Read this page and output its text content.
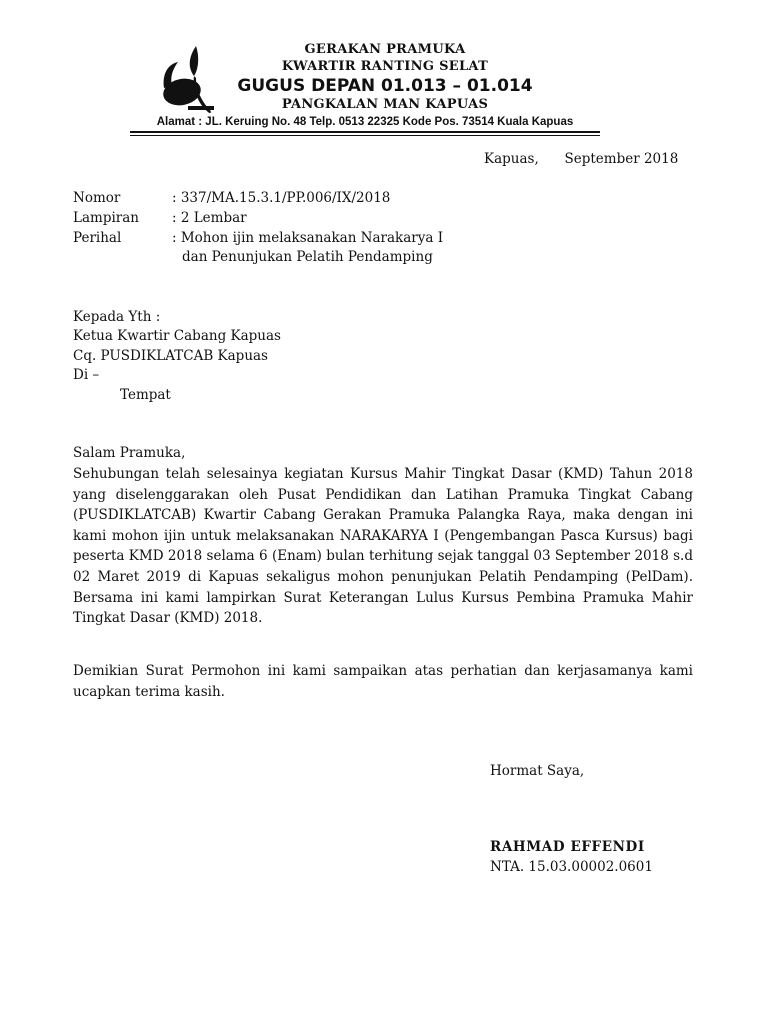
GERAKAN PRAMUKA
KWARTIR RANTING SELAT
GUGUS DEPAN 01.013 – 01.014
PANGKALAN MAN KAPUAS
Alamat : JL. Keruing No. 48 Telp. 0513 22325 Kode Pos. 73514 Kuala Kapuas
Kapuas,      September 2018
Nomor	: 337/MA.15.3.1/PP.006/IX/2018
Lampiran : 2 Lembar
Perihal	: Mohon ijin melaksanakan Narakarya I
dan Penunjukan Pelatih Pendamping
Kepada Yth :
Ketua Kwartir Cabang Kapuas
Cq. PUSDIKLATCAB Kapuas
Di –
Tempat
Salam Pramuka,
Sehubungan telah selesainya kegiatan Kursus Mahir Tingkat Dasar (KMD) Tahun 2018 yang diselenggarakan oleh Pusat Pendidikan dan Latihan Pramuka Tingkat Cabang (PUSDIKLATCAB) Kwartir Cabang Gerakan Pramuka Palangka Raya, maka dengan ini kami mohon ijin untuk melaksanakan NARAKARYA I (Pengembangan Pasca Kursus) bagi peserta KMD 2018 selama 6 (Enam) bulan terhitung sejak tanggal 03 September 2018 s.d 02 Maret 2019 di Kapuas sekaligus mohon penunjukan Pelatih Pendamping (PelDam). Bersama ini kami lampirkan Surat Keterangan Lulus Kursus Pembina Pramuka Mahir Tingkat Dasar (KMD) 2018.
Demikian Surat Permohon ini kami sampaikan atas perhatian dan kerjasamanya kami ucapkan terima kasih.
Hormat Saya,
RAHMAD EFFENDI
NTA. 15.03.00002.0601
